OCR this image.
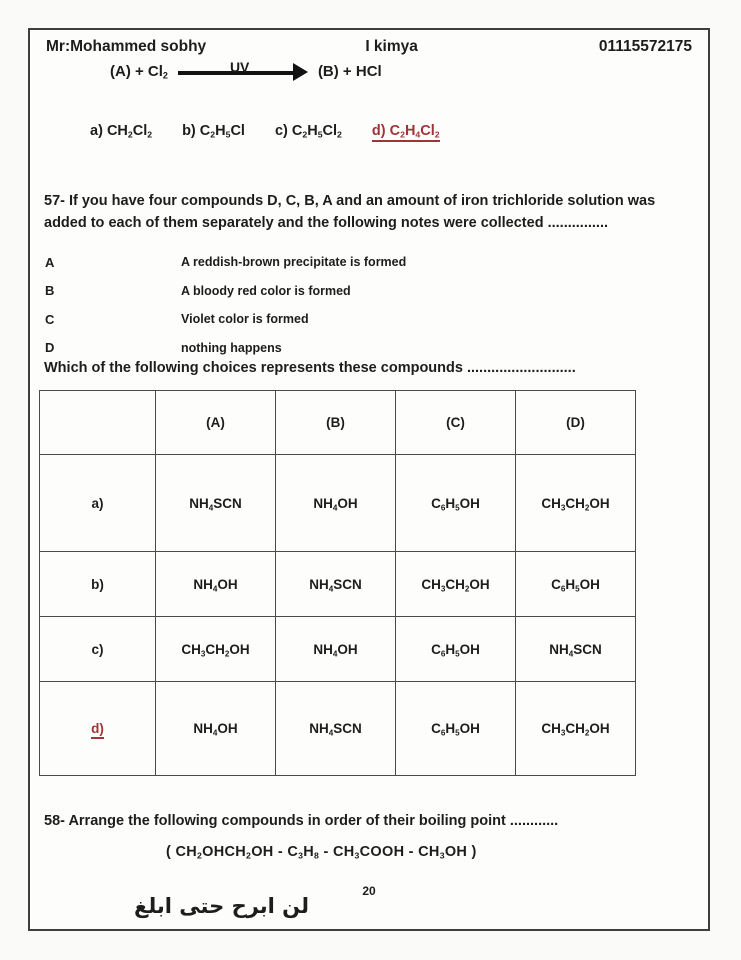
Mr:Mohammed sobhy	I kimya	01115572175
$(A) + Cl_2$
UV	(B) + HCl
a) $CH_2Cl_2$ b) $C_2H_5Cl$ c) $C_2H_5Cl_2$ d) $C_2H_4Cl_2$
57- If you have four compounds D, C, B, A and an amount of iron trichloride solution was added to each of them separately and the following notes were collected ...............
A	A reddish-brown precipitate is formed
B	A bloody red color is formed
C	Violet color is formed
D	nothing happens
Which of the following choices represents these compounds ...........................
	(A)	(B)	(C)	(D)
a)	$NH_4SCN$	$NH_4OH$	$C_6H_5OH$	$CH_3CH_2OH$
b)	$NH_4OH$	$NH_4SCN$	$CH_3CH_2OH$	$C_6H_5OH$
c)	$CH_3CH_2OH$	$NH_4OH$	$C_6H_5OH$	$NH_4SCN$
d)	$NH_4OH$	$NH_4SCN$	$C_6H_5OH$	$CH_3CH_2OH$
58- Arrange the following compounds in order of their boiling point ............
( $CH_2OHCH_2OH - C_3H_8$ - $CH_3COOH - CH_3OH$ )
20
لن ابرح حتى ابلغ
